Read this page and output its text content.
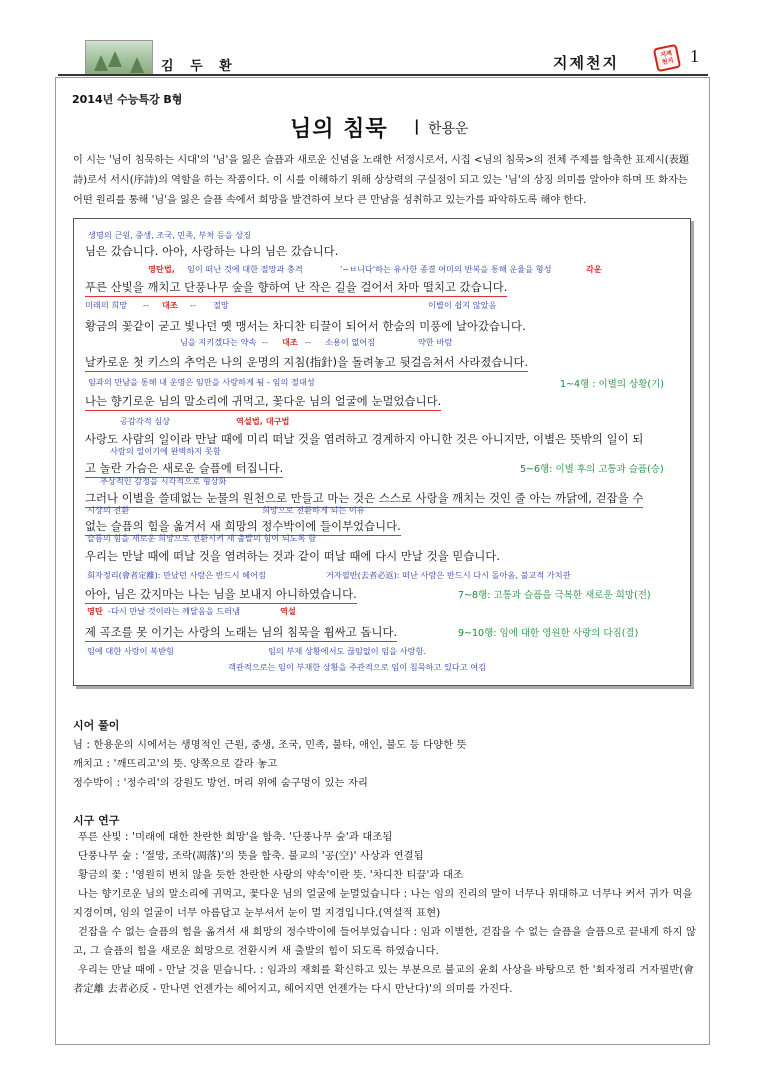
김 두 환	지제천지
지제천지 1
2014년 수능특강 B형
님의 침묵 | 한용운

이 시는 '님이 침묵하는 시대'의 '님'을 잃은 슬픔과 새로운 신념을 노래한 서정시로서, 시집 <님의 침묵>의 전체 주제를 함축한 표제시(表題詩)로서 서시(序詩)의 역할을 하는 작품이다. 이 시를 이해하기 위해 상상력의 구실점이 되고 있는 '님'의 상징 의미를 알아야 하며 또 화자는 어떤 원리를 통해 '님'을 잃은 슬픔 속에서 희망을 발견하여 보다 큰 만남을 성취하고 있는가를 파악하도록 해야 한다.

생명의 근원, 중생, 조국, 민족, 부처 등을 상징
님은 갔습니다. 아아, 사랑하는 나의 님은 갔습니다.
영탄법, 임이 떠난 것에 대한 절망과 충격	'~ㅂ니다'하는 유사한 종결 어미의 반복을 통해 운율을 형성	각운
푸른 산빛을 깨치고 단풍나무 숲을 향하여 난 작은 길을 걸어서 차마 떨치고 갔습니다.
미래의 희망 -- 대조 -- 절망	이별이 쉽지 않았음
황금의 꽃같이 굳고 빛나던 옛 맹서는 차디찬 티끌이 되어서 한숨의 미풍에 날아갔습니다.
님을 지키겠다는 약속 -- 대조 -- 소용이 없어짐	약한 바람
날카로운 첫 키스의 추억은 나의 운명의 지침(指針)을 돌려놓고 뒷걸음쳐서 사라졌습니다.
임과의 만남을 통해 내 운명은 임만을 사랑하게 됨 - 임의 절대성	1~4행 : 이별의 상황(기)
나는 향기로운 님의 말소리에 귀먹고, 꽃다운 님의 얼굴에 눈멀었습니다.
공감각적 심상	역설법, 대구법
사랑도 사람의 일이라 만날 때에 미리 떠날 것을 염려하고 경계하지 아니한 것은 아니지만, 이별은 뜻밖의 일이 되
사람의 일이기에 완벽하지 못함
고 놀란 가슴은 새로운 슬픔에 터집니다.	5~6행: 이별 후의 고통과 슬픔(승)
추상적인 감정을 시각적으로 형상화
그러나 이별을 쓸데없는 눈물의 원천으로 만들고 마는 것은 스스로 사랑을 깨치는 것인 줄 아는 까닭에, 걷잡을 수
시상의 전환	희망으로 전환하게 되는 이유
없는 슬픔의 힘을 옮겨서 새 희망의 정수박이에 들이부었습니다.
슬픔의 힘을 새로운 희망으로 전환시켜 새 출발의 힘이 되도록 함
우리는 만날 때에 떠날 것을 염려하는 것과 같이 떠날 때에 다시 만날 것을 믿습니다.
회자정리(會者定離): 만났던 사람은 반드시 헤어짐	거자필반(去者必返): 떠난 사람은 반드시 다시 돌아옴, 불교적 가치관
아아, 님은 갔지마는 나는 님을 보내지 아니하였습니다.	7~8행: 고통과 슬픔을 극복한 새로운 희망(전)
영탄 -다시 만날 것이라는 깨달음을 드러냄	역설
제 곡조를 못 이기는 사랑의 노래는 님의 침묵을 휩싸고 돕니다.	9~10행: 임에 대한 영원한 사랑의 다짐(결)
임에 대한 사랑이 복받힘	임의 부재 상황에서도 끊임없이 임을 사랑함.
객관적으로는 임이 부재한 상황을 주관적으로 임이 침묵하고 있다고 여김
시어 풀이

님 : 한용운의 시에서는 생명적인 근원, 중생, 조국, 민족, 불타, 애인, 불도 등 다양한 뜻

깨치고 : '깨뜨리고'의 뜻. 양쪽으로 갈라 놓고

정수박이 : '정수리'의 강원도 방언. 머리 위에 숨구멍이 있는 자리

시구 연구

푸른 산빛 : '미래에 대한 찬란한 희망'을 함축. '단풍나무 숲'과 대조됨

단풍나무 숲 : '절망, 조락(凋落)'의 뜻을 함축. 불교의 '공(空)' 사상과 연결됨

황금의 꽃 : '영원히 변치 않을 듯한 찬란한 사랑의 약속'이란 뜻. '차디찬 티끌'과 대조

나는 향기로운 님의 말소리에 귀먹고, 꽃다운 님의 얼굴에 눈멀었습니다 : 나는 임의 진리의 말이 너무나 위대하고 너무나 커서 귀가 먹을 지경이며, 임의 얼굴이 너무 아름답고 눈부셔서 눈이 멀 지경입니다.(역설적 표현)

걷잡을 수 없는 슬픔의 힘을 옮겨서 새 희망의 정수박이에 들어부었습니다 : 임과 이별한, 걷잡을 수 없는 슬픔을 슬픔으로 끝내게 하지 않고, 그 슬픔의 힘을 새로운 희망으로 전환시켜 새 출발의 힘이 되도록 하였습니다.

우리는 만날 때에 - 만날 것을 믿습니다. : 임과의 재회를 확신하고 있는 부분으로 불교의 윤회 사상을 바탕으로 한 '회자정리 거자필반(會者定離 去者必反 - 만나면 언젠가는 헤어지고, 헤어지면 언젠가는 다시 만난다)'의 의미를 가진다.
